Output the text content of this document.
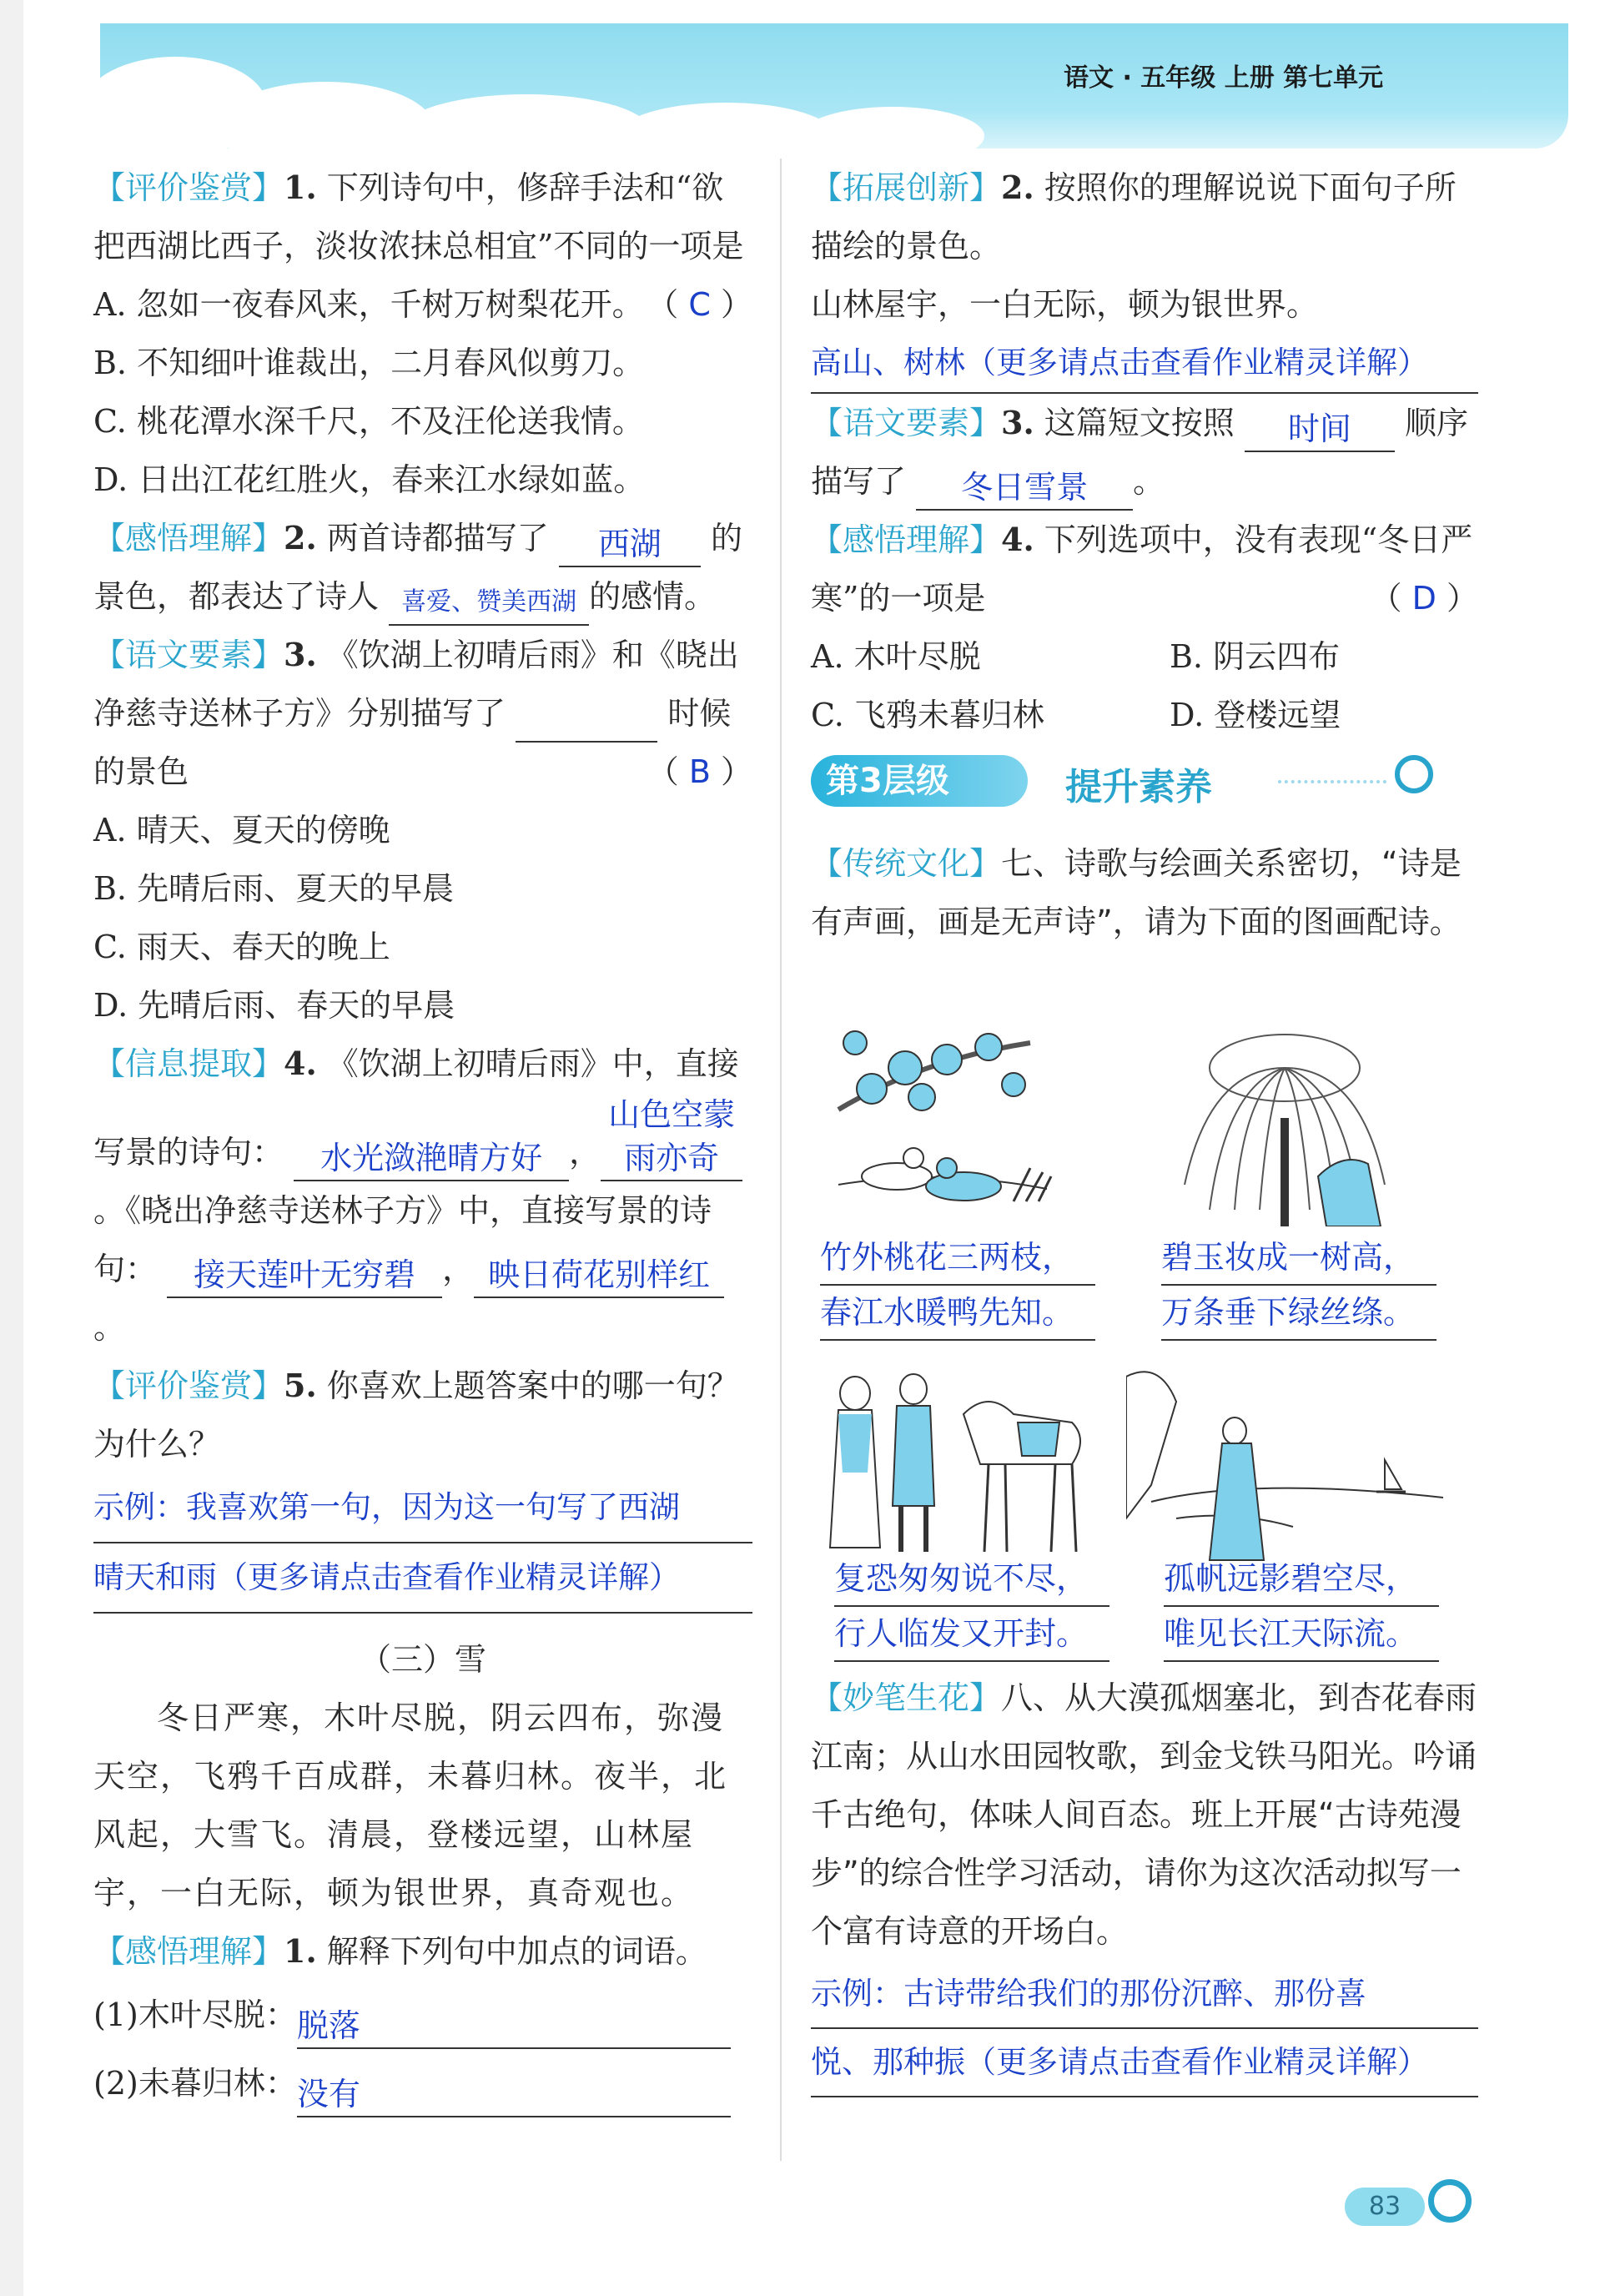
语文 · 五年级 上册 第七单元

【评价鉴赏】1. 下列诗句中，修辞手法和“欲把西湖比西子，淡妆浓抹总相宜”不同的一项是
（ C ）

A. 忽如一夜春风来，千树万树梨花开。

B. 不知细叶谁裁出，二月春风似剪刀。

C. 桃花潭水深千尺，不及汪伦送我情。

D. 日出江花红胜火，春来江水绿如蓝。

【感悟理解】2. 两首诗都描写了 西湖 的景色，都表达了诗人 喜爱、赞美西湖 的感情。

【语文要素】3. 《饮湖上初晴后雨》和《晓出净慈寺送林子方》分别描写了	时候的景色	（ B ）

A. 晴天、夏天的傍晚

B. 先晴后雨、夏天的早晨

C. 雨天、春天的晚上

D. 先晴后雨、春天的早晨

【信息提取】4. 《饮湖上初晴后雨》中，直接写景的诗句： 水光潋滟晴方好 ，山色空蒙雨亦奇。《晓出净慈寺送林子方》中，直接写景的诗句： 接天莲叶无穷碧 ， 映日荷花别样红。

【评价鉴赏】5. 你喜欢上题答案中的哪一句？为什么？

示例：我喜欢第一句，因为这一句写了西湖

晴天和雨（更多请点击查看作业精灵详解）

（三）雪

冬日严寒，木叶尽脱，阴云四布，弥漫天空，飞鸦千百成群，未暮归林。夜半，北风起，大雪飞。清晨，登楼远望，山林屋宇，一白无际，顿为银世界，真奇观也。

【感悟理解】1. 解释下列句中加点的词语。

(1)木叶尽脱：脱落

(2)未暮归林：没有

【拓展创新】2. 按照你的理解说说下面句子所描绘的景色。

山林屋宇，一白无际，顿为银世界。

高山、树林（更多请点击查看作业精灵详解）

【语文要素】3. 这篇短文按照 时间 顺序描写了 冬日雪景 。

【感悟理解】4. 下列选项中，没有表现“冬日严寒”的一项是	（ D ）

A. 木叶尽脱	B. 阴云四布

C. 飞鸦未暮归林	D. 登楼远望

第3层级	提升素养

【传统文化】七、诗歌与绘画关系密切，“诗是有声画，画是无声诗”，请为下面的图画配诗。

竹外桃花三两枝，
春江水暖鸭先知。
碧玉妆成一树高，
万条垂下绿丝绦。
复恐匆匆说不尽，
行人临发又开封。
孤帆远影碧空尽，
唯见长江天际流。

【妙笔生花】八、从大漠孤烟塞北，到杏花春雨江南；从山水田园牧歌，到金戈铁马阳光。吟诵千古绝句，体味人间百态。班上开展“古诗苑漫步”的综合性学习活动，请你为这次活动拟写一个富有诗意的开场白。

示例：古诗带给我们的那份沉醉、那份喜

悦、那种振（更多请点击查看作业精灵详解）

83
